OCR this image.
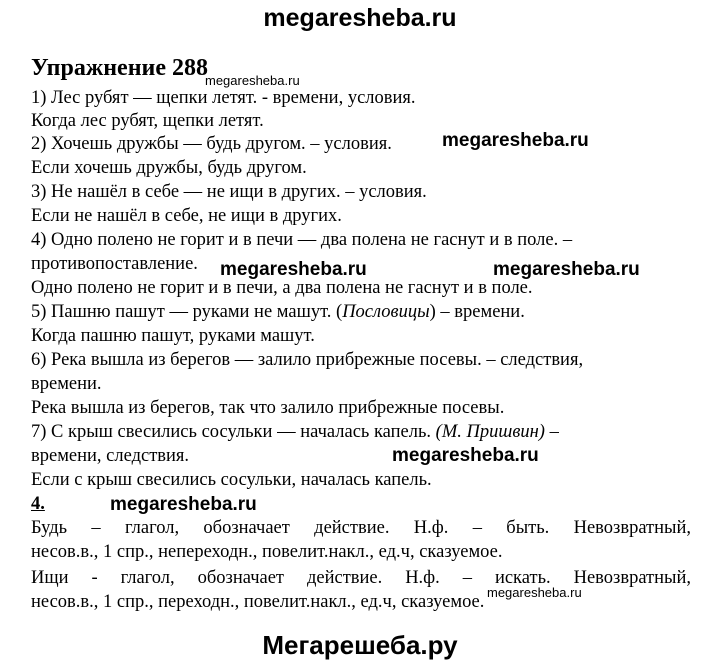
megaresheba.ru
Мегарешеба.ру
Упражнение 288
megaresheba.ru
1) Лес рубят — щепки летят. - времени, условия.
Когда лес рубят, щепки летят.
2) Хочешь дружбы — будь другом. – условия.	megaresheba.ru
Если хочешь дружбы, будь другом.
3) Не нашёл в себе — не ищи в других. – условия.
Если не нашёл в себе, не ищи в других.
4) Одно полено не горит и в печи — два полена не гаснут и в поле. –
противопоставление. megaresheba.ru	megaresheba.ru
Одно полено не горит и в печи, а два полена не гаснут и в поле.
5) Пашню пашут — руками не машут. (Пословицы) – времени.
Когда пашню пашут, руками машут.
6) Река вышла из берегов — залило прибрежные посевы. – следствия,
времени.
Река вышла из берегов, так что залило прибрежные посевы.
7) С крыш свесились сосульки — началась капель. (М. Пришвин) –
времени, следствия.	megaresheba.ru
Если с крыш свесились сосульки, началась капель.
4.	megaresheba.ru
Будь – глагол, обозначает действие. Н.ф. – быть. Невозвратный,
несов.в., 1 спр., непереходн., повелит.накл., ед.ч, сказуемое.
Ищи - глагол, обозначает действие. Н.ф. – искать. Невозвратный,
несов.в., 1 спр., переходн., повелит.накл., ед.ч, сказуемое. megaresheba.ru
